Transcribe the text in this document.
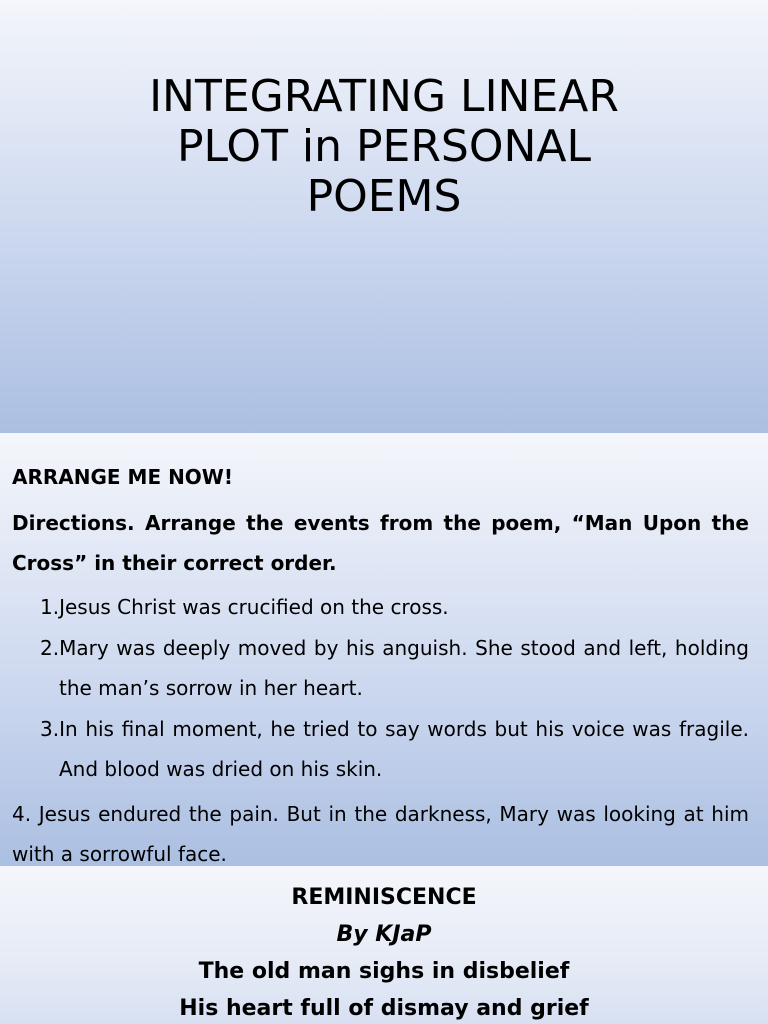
INTEGRATING LINEAR
PLOT in PERSONAL
POEMS

ARRANGE ME NOW!

Directions. Arrange the events from the poem, “Man Upon the Cross” in their correct order.

1.Jesus Christ was crucified on the cross.
2.Mary was deeply moved by his anguish. She stood and left, holding the man’s sorrow in her heart.
3.In his final moment, he tried to say words but his voice was fragile. And blood was dried on his skin.

4. Jesus endured the pain. But in the darkness, Mary was looking at him with a sorrowful face.

REMINISCENCE

By KJaP

The old man sighs in disbelief

His heart full of dismay and grief
